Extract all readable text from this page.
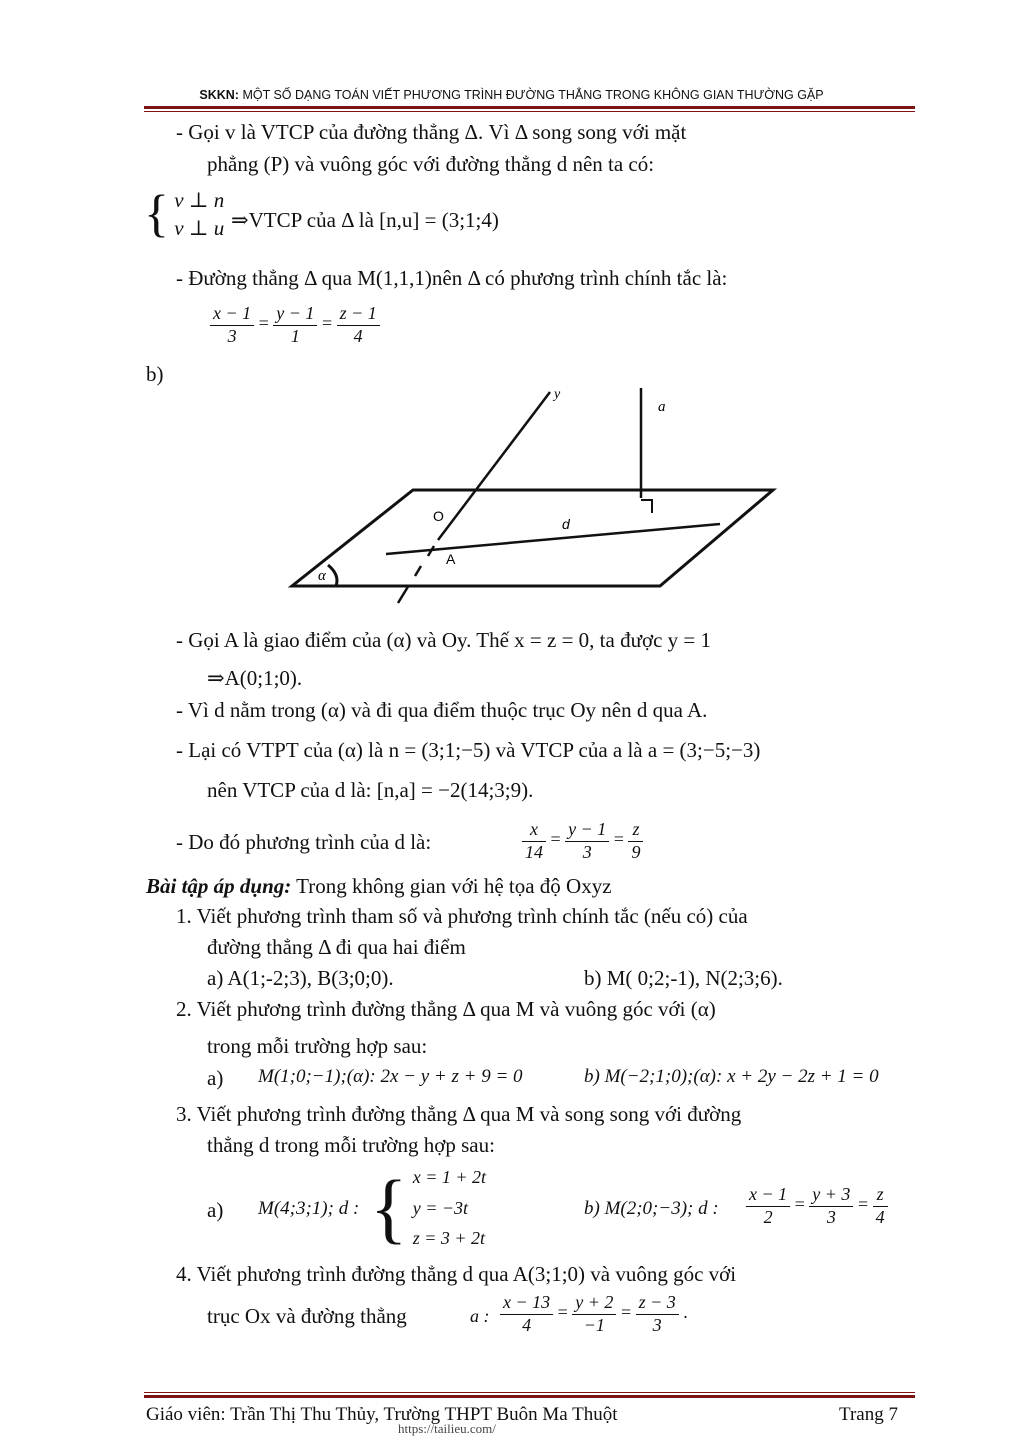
SKKN: MỘT SỐ DẠNG TOÁN VIẾT PHƯƠNG TRÌNH ĐƯỜNG THẲNG TRONG KHÔNG GIAN THƯỜNG GẶP
- Gọi v là VTCP của đường thẳng Δ. Vì Δ song song với mặt
phẳng (P) và vuông góc với đường thẳng d nên ta có:
{ v ⊥ n
v ⊥ u ⇒VTCP của Δ là [n,u] = (3;1;4)
- Đường thẳng Δ qua M(1,1,1)nên Δ có phương trình chính tắc là:
$\frac{x - 1}{3} = \frac{y - 1}{1} = \frac{z - 1}{4}$
b)
y
a
O	d
A
α
- Gọi A là giao điểm của (α) và Oy. Thế x = z = 0, ta được y = 1
⇒A(0;1;0).
- Vì d nằm trong (α) và đi qua điểm thuộc trục Oy nên d qua A.
- Lại có VTPT của (α) là n = (3;1;−5) và VTCP của a là a = (3;−5;−3)
nên VTCP của d là: [n,a] = −2(14;3;9).
- Do đó phương trình của d là:	$\frac{x}{14} = \frac{y - 1}{3} = \frac{z}{9}$
Bài tập áp dụng: Trong không gian với hệ tọa độ Oxyz
1. Viết phương trình tham số và phương trình chính tắc (nếu có) của
đường thẳng Δ đi qua hai điểm
a) A(1;-2;3), B(3;0;0).	b) M( 0;2;-1), N(2;3;6).
2. Viết phương trình đường thẳng Δ qua M và vuông góc với (α)
trong mỗi trường hợp sau:
a) M(1;0;−1);(α): 2x − y + z + 9 = 0	b) M(−2;1;0);(α): x + 2y − 2z + 1 = 0
3. Viết phương trình đường thẳng Δ qua M và song song với đường
thẳng d trong mỗi trường hợp sau:
a) M(4;3;1); d : { x = 1 + 2t
y = −3t
z = 3 + 2t
b) M(2;0;−3); d : $\frac{x - 1}{2} = \frac{y + 3}{3} = \frac{z}{4}$
4. Viết phương trình đường thẳng d qua A(3;1;0) và vuông góc với
trục Ox và đường thẳng	a : $\frac{x - 13}{4} = \frac{y + 2}{-1} = \frac{z - 3}{3}$ .
Giáo viên: Trần Thị Thu Thủy, Trường THPT Buôn Ma Thuột
https://tailieu.com/
Trang 7
